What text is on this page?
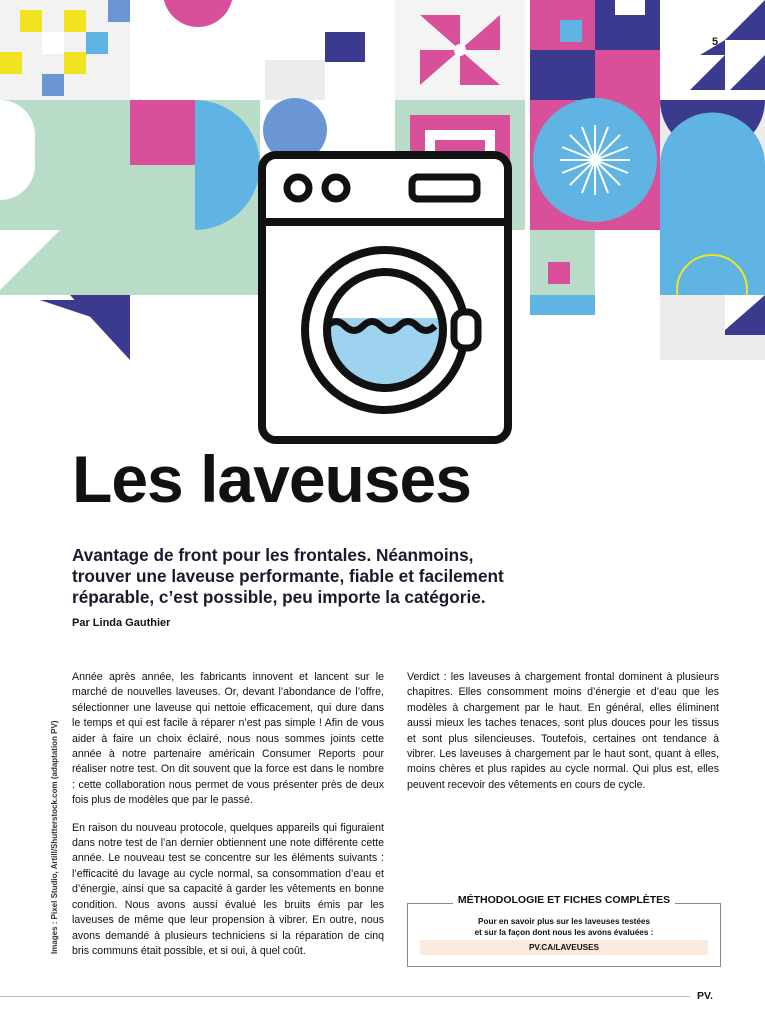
5
Les laveuses

Avantage de front pour les frontales. Néanmoins, trouver une laveuse performante, fiable et facilement réparable, c’est possible, peu importe la catégorie.

Par Linda Gauthier

Images : Pixel Studio, Artill/Shutterstock.com (adaptation PV)

Année après année, les fabricants innovent et lancent sur le marché de nouvelles laveuses. Or, devant l’abondance de l’offre, sélectionner une laveuse qui nettoie efficacement, qui dure dans le temps et qui est facile à réparer n’est pas simple ! Afin de vous aider à faire un choix éclairé, nous nous sommes joints cette année à notre partenaire américain Consumer Reports pour réaliser notre test. On dit souvent que la force est dans le nombre : cette collaboration nous permet de vous présenter près de deux fois plus de modèles que par le passé.

En raison du nouveau protocole, quelques appareils qui figuraient dans notre test de l’an dernier obtiennent une note différente cette année. Le nouveau test se concentre sur les éléments suivants : l’efficacité du lavage au cycle normal, sa consommation d’eau et d’énergie, ainsi que sa capacité à garder les vêtements en bonne condition. Nous avons aussi évalué les bruits émis par les laveuses de même que leur propension à vibrer. En outre, nous avons demandé à plusieurs techniciens si la réparation de cinq bris communs était possible, et si oui, à quel coût.

Verdict : les laveuses à chargement frontal dominent à plusieurs chapitres. Elles consomment moins d’énergie et d’eau que les modèles à chargement par le haut. En général, elles éliminent aussi mieux les taches tenaces, sont plus douces pour les tissus et sont plus silencieuses. Toutefois, certaines ont tendance à vibrer. Les laveuses à chargement par le haut sont, quant à elles, moins chères et plus rapides au cycle normal. Qui plus est, elles peuvent recevoir des vêtements en cours de cycle.

MÉTHODOLOGIE ET FICHES COMPLÈTES
Pour en savoir plus sur les laveuses testées
et sur la façon dont nous les avons évaluées :
PV.CA/LAVEUSES
PV.
